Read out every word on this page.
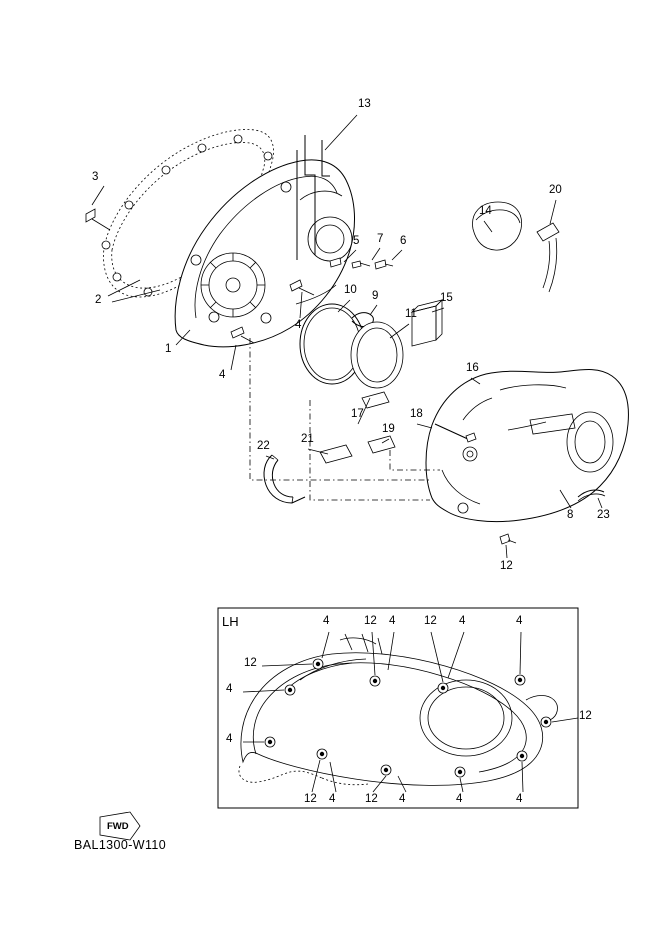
13
3
14
20
5 7 6
2
10 9
11
15
4
1
16
4
17	18
19
21
22
8 23
12
LH	4	12 4 12 4	4
12
4
12
4
12 4	12 4	4	4
FWD
BAL1300-W110
